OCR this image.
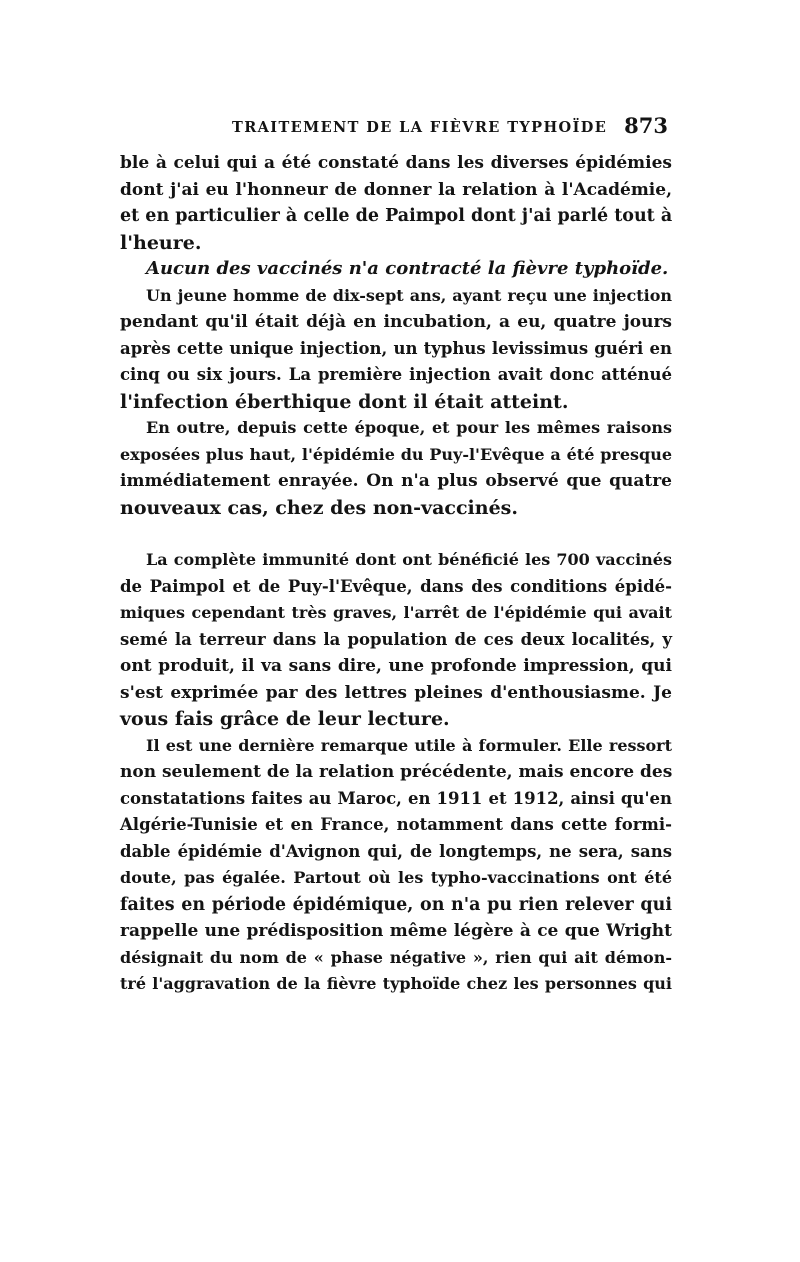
TRAITEMENT DE LA FIÈVRE TYPHOÏDE 873
ble à celui qui a été constaté dans les diverses épidémies
dont j'ai eu l'honneur de donner la relation à l'Académie,
et en particulier à celle de Paimpol dont j'ai parlé tout à
l'heure.
Aucun des vaccinés n'a contracté la fièvre typhoïde.
Un jeune homme de dix-sept ans, ayant reçu une injection
pendant qu'il était déjà en incubation, a eu, quatre jours
après cette unique injection, un typhus levissimus guéri en
cinq ou six jours. La première injection avait donc atténué
l'infection éberthique dont il était atteint.
En outre, depuis cette époque, et pour les mêmes raisons
exposées plus haut, l'épidémie du Puy-l'Evêque a été presque
immédiatement enrayée. On n'a plus observé que quatre
nouveaux cas, chez des non-vaccinés.
La complète immunité dont ont bénéficié les 700 vaccinés
de Paimpol et de Puy-l'Evêque, dans des conditions épidé-
miques cependant très graves, l'arrêt de l'épidémie qui avait
semé la terreur dans la population de ces deux localités, y
ont produit, il va sans dire, une profonde impression, qui
s'est exprimée par des lettres pleines d'enthousiasme. Je
vous fais grâce de leur lecture.
Il est une dernière remarque utile à formuler. Elle ressort
non seulement de la relation précédente, mais encore des
constatations faites au Maroc, en 1911 et 1912, ainsi qu'en
Algérie-Tunisie et en France, notamment dans cette formi-
dable épidémie d'Avignon qui, de longtemps, ne sera, sans
doute, pas égalée. Partout où les typho-vaccinations ont été
faites en période épidémique, on n'a pu rien relever qui
rappelle une prédisposition même légère à ce que Wright
désignait du nom de « phase négative », rien qui ait démon-
tré l'aggravation de la fièvre typhoïde chez les personnes qui
